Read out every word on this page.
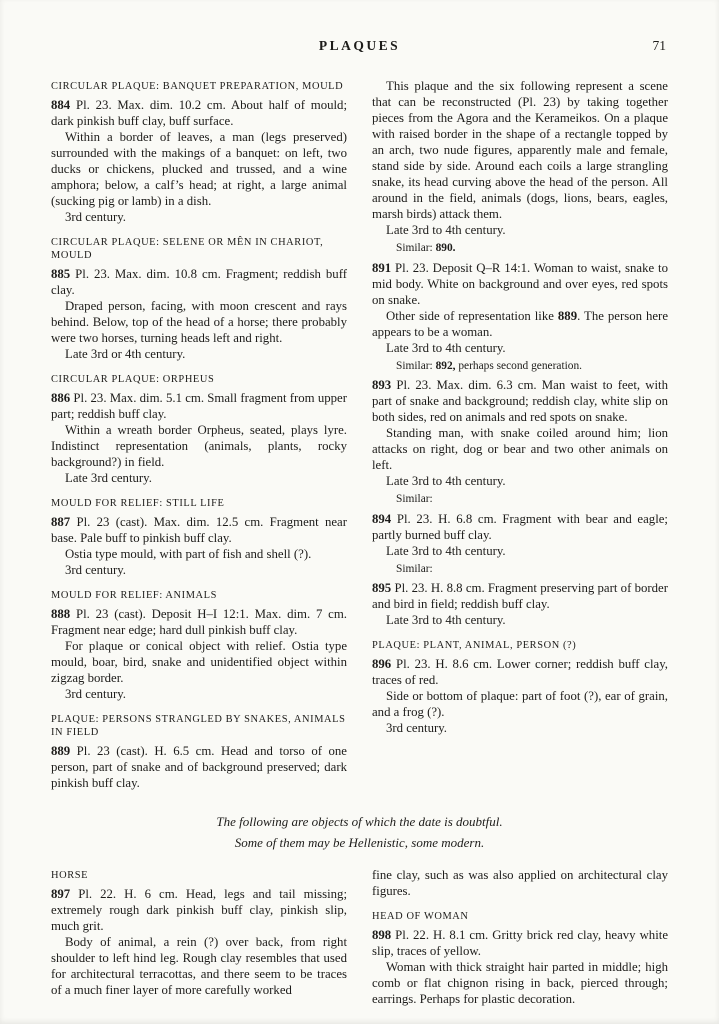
PLAQUES	71

CIRCULAR PLAQUE: BANQUET PREPARATION, MOULD

884 Pl. 23. Max. dim. 10.2 cm. About half of mould; dark pinkish buff clay, buff surface.

Within a border of leaves, a man (legs preserved) surrounded with the makings of a banquet: on left, two ducks or chickens, plucked and trussed, and a wine amphora; below, a calf’s head; at right, a large animal (sucking pig or lamb) in a dish.

3rd century.

CIRCULAR PLAQUE: SELENE OR MÊN IN CHARIOT, MOULD

885 Pl. 23. Max. dim. 10.8 cm. Fragment; reddish buff clay.

Draped person, facing, with moon crescent and rays behind. Below, top of the head of a horse; there probably were two horses, turning heads left and right.

Late 3rd or 4th century.

CIRCULAR PLAQUE: ORPHEUS

886 Pl. 23. Max. dim. 5.1 cm. Small fragment from upper part; reddish buff clay.

Within a wreath border Orpheus, seated, plays lyre. Indistinct representation (animals, plants, rocky background?) in field.

Late 3rd century.

MOULD FOR RELIEF: STILL LIFE

887 Pl. 23 (cast). Max. dim. 12.5 cm. Fragment near base. Pale buff to pinkish buff clay.

Ostia type mould, with part of fish and shell (?).

3rd century.

MOULD FOR RELIEF: ANIMALS

888 Pl. 23 (cast). Deposit H–I 12:1. Max. dim. 7 cm. Fragment near edge; hard dull pinkish buff clay.

For plaque or conical object with relief. Ostia type mould, boar, bird, snake and unidentified object within zigzag border.

3rd century.

PLAQUE: PERSONS STRANGLED BY SNAKES, ANIMALS IN FIELD

889 Pl. 23 (cast). H. 6.5 cm. Head and torso of one person, part of snake and of background preserved; dark pinkish buff clay.

This plaque and the six following represent a scene that can be reconstructed (Pl. 23) by taking together pieces from the Agora and the Kerameikos. On a plaque with raised border in the shape of a rectangle topped by an arch, two nude figures, apparently male and female, stand side by side. Around each coils a large strangling snake, its head curving above the head of the person. All around in the field, animals (dogs, lions, bears, eagles, marsh birds) attack them.

Late 3rd to 4th century.

Similar: 890.

891 Pl. 23. Deposit Q–R 14:1. Woman to waist, snake to mid body. White on background and over eyes, red spots on snake.

Other side of representation like 889. The person here appears to be a woman.

Late 3rd to 4th century.

Similar: 892, perhaps second generation.

893 Pl. 23. Max. dim. 6.3 cm. Man waist to feet, with part of snake and background; reddish clay, white slip on both sides, red on animals and red spots on snake.

Standing man, with snake coiled around him; lion attacks on right, dog or bear and two other animals on left.

Late 3rd to 4th century.

Similar:

894 Pl. 23. H. 6.8 cm. Fragment with bear and eagle; partly burned buff clay.

Late 3rd to 4th century.

Similar:

895 Pl. 23. H. 8.8 cm. Fragment preserving part of border and bird in field; reddish buff clay.

Late 3rd to 4th century.

PLAQUE: PLANT, ANIMAL, PERSON (?)

896 Pl. 23. H. 8.6 cm. Lower corner; reddish buff clay, traces of red.

Side or bottom of plaque: part of foot (?), ear of grain, and a frog (?).

3rd century.

The following are objects of which the date is doubtful.
Some of them may be Hellenistic, some modern.

HORSE

897 Pl. 22. H. 6 cm. Head, legs and tail missing; extremely rough dark pinkish buff clay, pinkish slip, much grit.

Body of animal, a rein (?) over back, from right shoulder to left hind leg. Rough clay resembles that used for architectural terracottas, and there seem to be traces of a much finer layer of more carefully worked

fine clay, such as was also applied on architectural clay figures.

HEAD OF WOMAN

898 Pl. 22. H. 8.1 cm. Gritty brick red clay, heavy white slip, traces of yellow.

Woman with thick straight hair parted in middle; high comb or flat chignon rising in back, pierced through; earrings. Perhaps for plastic decoration.
